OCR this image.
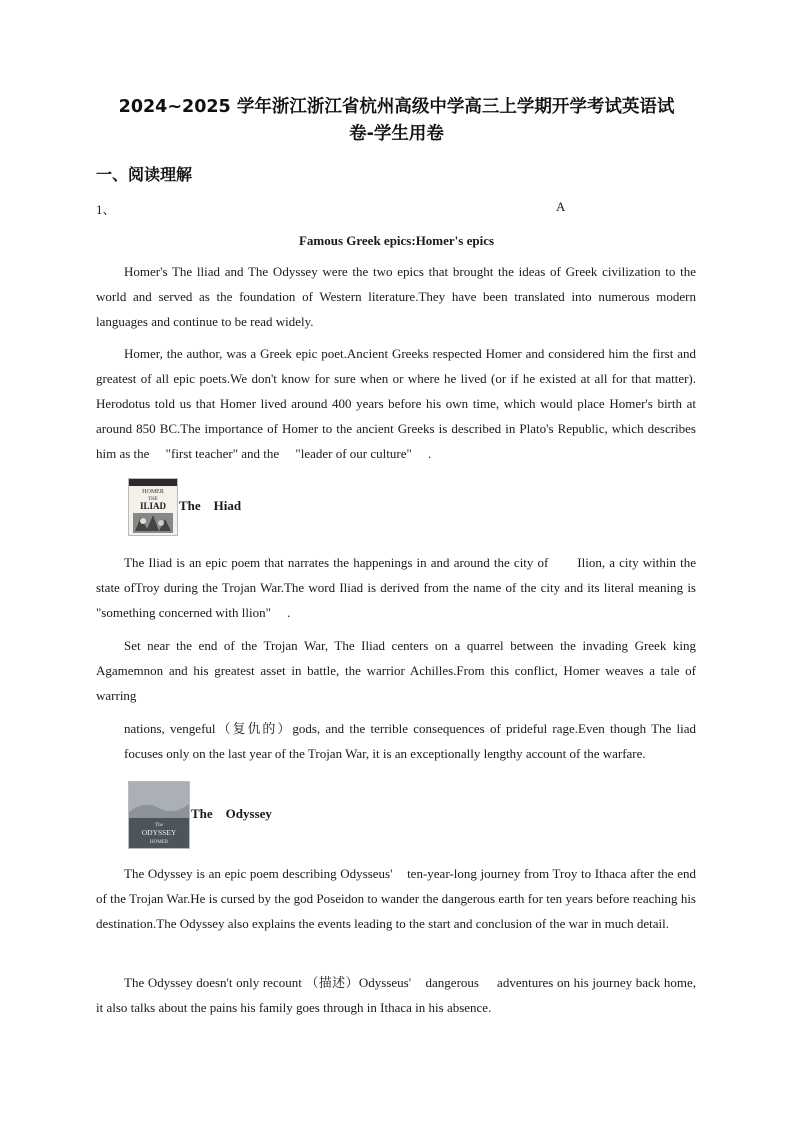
2024~2025 学年浙江浙江省杭州高级中学高三上学期开学考试英语试
卷-学生用卷
一、阅读理解
1、	A
Famous Greek epics:Homer's epics

Homer's The lliad and The Odyssey were the two epics that brought the ideas of Greek civilization to the world and served as the foundation of Western literature.They have been translated into numerous modern languages and continue to be read widely.

Homer, the author, was a Greek epic poet.Ancient Greeks respected Homer and considered him the first and greatest of all epic poets.We don't know for sure when or where he lived (or if he existed at all for that matter). Herodotus told us that Homer lived around 400 years before his own time, which would place Homer's birth at around 850 BC.The importance of Homer to the ancient Greeks is described in Plato's Republic, which describes him as the     "first teacher" and the     "leader of our culture"     .

HOMER
THE
ILIAD The    Hiad

The Iliad is an epic poem that narrates the happenings in and around the city of       Ilion, a city within the state ofTroy during the Trojan War.The word Iliad is derived from the name of the city and its literal meaning is "something concerned with llion"     .

Set near the end of the Trojan War, The Iliad centers on a quarrel between the invading Greek king Agamemnon and his greatest asset in battle, the warrior Achilles.From this conflict, Homer weaves a tale of warring

nations, vengeful（复仇的）gods, and the terrible consequences of prideful rage.Even though The liad focuses only on the last year of the Trojan War, it is an exceptionally lengthy account of the warfare.

The
ODYSSEY
HOMER
The    Odyssey

The Odyssey is an epic poem describing Odysseus'    ten-year-long journey from Troy to Ithaca after the end of the Trojan War.He is cursed by the god Poseidon to wander the dangerous earth for ten years before reaching his destination.The Odyssey also explains the events leading to the start and conclusion of the war in much detail.

The Odyssey doesn't only recount （描述）Odysseus'    dangerous     adventures on his journey back home, it also talks about the pains his family goes through in Ithaca in his absence.
